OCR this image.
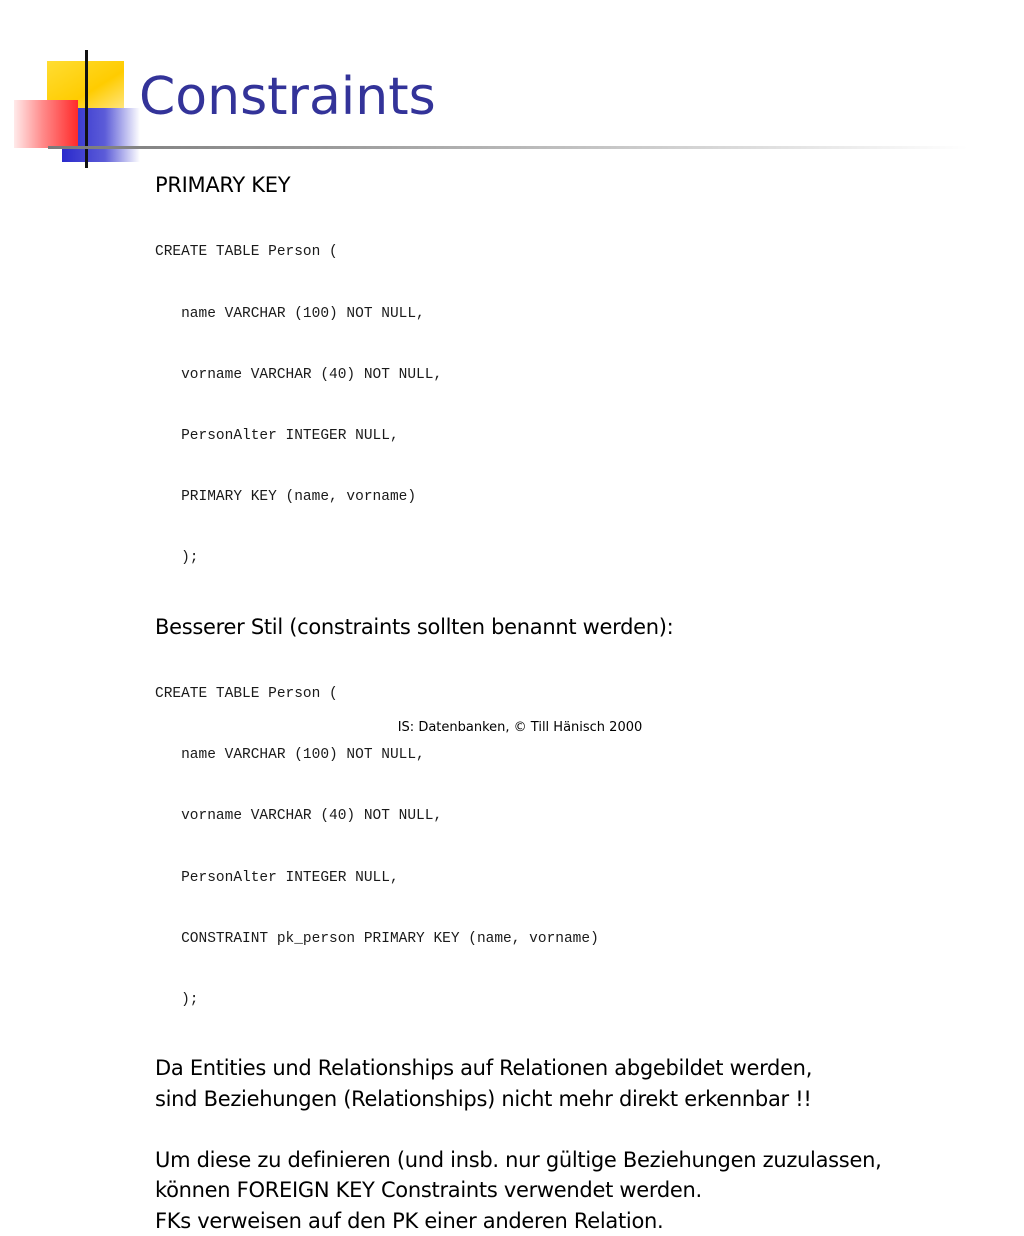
Constraints
PRIMARY KEY

CREATE TABLE Person (

name VARCHAR (100) NOT NULL,

vorname VARCHAR (40) NOT NULL,

PersonAlter INTEGER NULL,

PRIMARY KEY (name, vorname)

);

Besserer Stil (constraints sollten benannt werden):

CREATE TABLE Person (

name VARCHAR (100) NOT NULL,

vorname VARCHAR (40) NOT NULL,

PersonAlter INTEGER NULL,

CONSTRAINT pk_person PRIMARY KEY (name, vorname)

);

Da Entities und Relationships auf Relationen abgebildet werden,
sind Beziehungen (Relationships) nicht mehr direkt erkennbar !!
Um diese zu definieren (und insb. nur gültige Beziehungen zuzulassen,
können FOREIGN KEY Constraints verwendet werden.
FKs verweisen auf den PK einer anderen Relation.
IS: Datenbanken, © Till Hänisch 2000
